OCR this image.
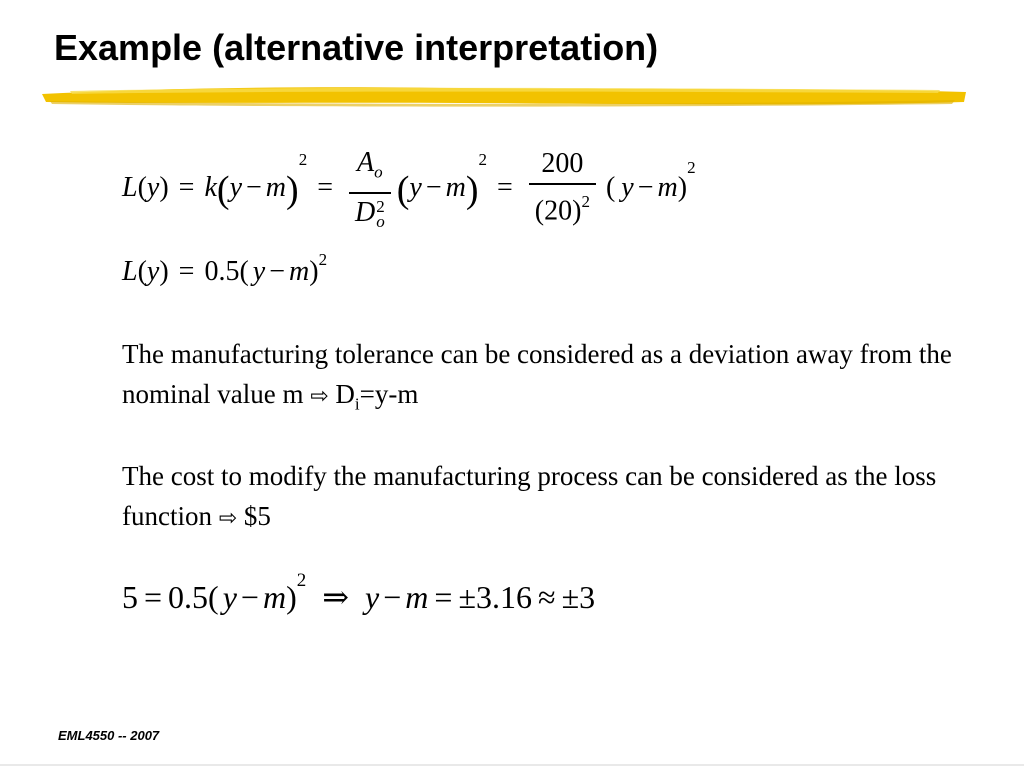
Example (alternative interpretation)
L ( y ) = k ( y − m )
$^2$
= $A_o$
D 2
o ( y − m )
$^2$
= $\frac{200}{(20)^2}$ ( y − m )
$^2$
L ( y ) = 0.5 ( y − m )$^2$

The manufacturing tolerance can be considered as a deviation away from the nominal value m ⇨ $D_i=y-m$

The cost to modify the manufacturing process can be considered as the loss function ⇨ $5

5 = 0.5 ( y − m )$^2$ ⇒ y − m = ± 3.16 ≈ ± 3
EML4550 -- 2007
